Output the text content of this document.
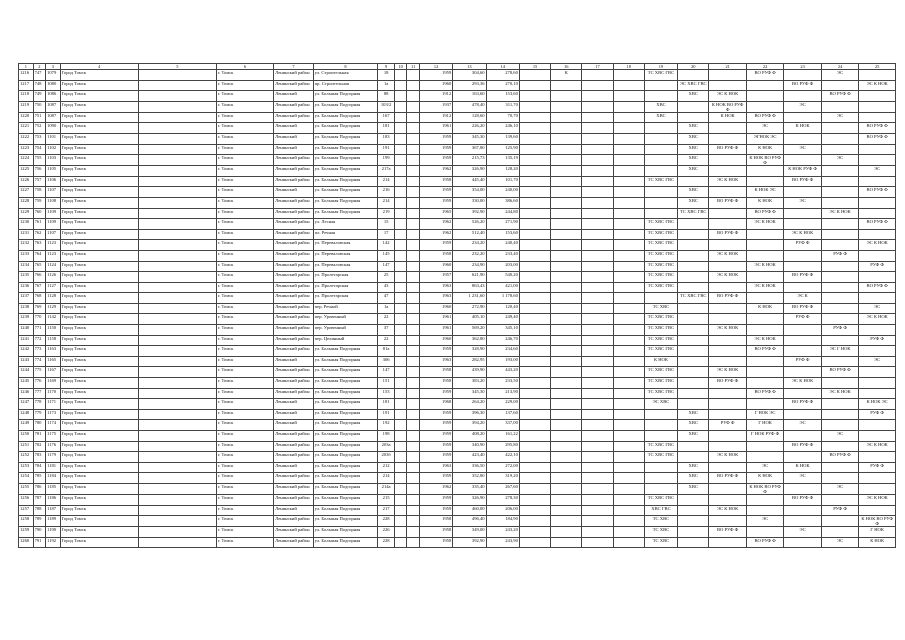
1	2	3	4	5	6	7	8	9	10	11	12	13	14	15	16	17	18	19	20	21	22	23	24	25
1216	747	1079	Город Томск		г. Томск	Ленинский район	ул. Строительная	18			1959	304,60	278,60		К			ТС ХВС ГВС			ВО РУФ Ф		ЭС	
1217	748	1080	Город Томск		г. Томск	Ленинский район	пр. Строительная	1а			1960	293,36	270,10						ЭС ХВС ГВС			ВО РУФ Ф		ЭС К НОК
1218	749	1086	Город Томск		г. Томск	Ленинский	ул. Большая Подгорная	88			1912	163,60	153,60						ХВС	ЭС К НОК			ВО РУФ Ф	
1219	750	1087	Город Томск		г. Томск	Ленинский район	ул. Большая Подгорная	103/2			1937	478,40	311,70					ХВС		К НОК ВО РУФ Ф		ЭС		
1220	751	1087	Город Томск		г. Томск	Ленинский район	ул. Большая Подгорная	167			1912	128,60	70,70					ХВС		К НОК	ВО РУФ Ф		ЭС	
1221	752	1090	Город Томск		г. Томск	Ленинский	ул. Большая Подгорная	181			1961	226,20	246,10						ХВС		ЭС	К НОК		ВО РУФ Ф
1222	753	1101	Город Томск		г. Томск	Ленинский	ул. Большая Подгорная	183			1959	345,30	139,60						ХВС		ЭГНОК ЭС			ВО РУФ Ф
1223	754	1102	Город Томск		г. Томск	Ленинский	ул. Большая Подгорная	191			1959	367,80	125,90						ХВС	ВО РУФ Ф	К НОК	ЭС		
1224	755	1103	Город Томск		г. Томск	Ленинский район	ул. Большая Подгорная	199			1959	215,73	135,19						ХВС		К НОК ВО РУФ Ф		ЭС	
1225	756	1105	Город Томск		г. Томск	Ленинский район	ул. Большая Подгорная	217а			1962	326,90	128,20						ХВС			К НОК РУФ Ф		ЭС
1226	757	1106	Город Томск		г. Томск	Ленинский район	ул. Большая Подгорная	214			1958	445,40	101,70					ТС ХВС ГВС		ЭС К НОК		ВО РУФ Ф		
1227	758	1107	Город Томск		г. Томск	Ленинский	ул. Большая Подгорная	216			1959	354,00	240,00						ХВС		К НОК ЭС			ВО РУФ Ф
1228	759	1108	Город Томск		г. Томск	Ленинский район	ул. Большая Подгорная	214			1959	330,00	386,60						ХВС	ВО РУФ Ф	К НОК	ЭС		
1229	760	1109	Город Томск		г. Томск	Ленинский район	ул. Большая Подгорная	219			1965	392,90	244,80						ТС ХВС ГВС		ВО РУФ Ф		ЭС К НОК	
1230	761	1109	Город Томск		г. Томск	Ленинский район	ул. Лесная	15			1962	526,20	271,90					ТС ХВС ГВС			ЭС К НОК			ВО РУФ Ф
1231	762	1107	Город Томск		г. Томск	Ленинский район	пл. Речная	17			1962	512,40	153,60					ТС ХВС ГВС		ВО РУФ Ф		ЭС К НОК		
1232	763	1123	Город Томск		г. Томск	Ленинский район	ул. Переваловская	142			1959	234,20	240,40					ТС ХВС ГВС				РУФ Ф		ЭС К НОК
1233	764	1123	Город Томск		г. Томск	Ленинский район	ул. Переваловская	145			1958	232,20	233,40					ТС ХВС ГВС		ЭС К НОК			РУФ Ф	
1234	765	1124	Город Томск		г. Томск	Ленинский район	ул. Переваловская	147			1960	234,90	203,00					ТС ХВС ГВС			ЭС К НОК			РУФ Ф
1235	766	1126	Город Томск		г. Томск	Ленинский район	ул. Пролетарская	25			1957	621,90	540,20					ТС ХВС ГВС		ЭС К НОК		ВО РУФ Ф		
1236	767	1127	Город Томск		г. Томск	Ленинский район	ул. Пролетарская	43			1963	863,43	421,00					ТС ХВС ГВС			ЭС К НОК			ВО РУФ Ф
1237	768	1128	Город Томск		г. Томск	Ленинский район	ул. Пролетарская	47			1963	1 231,60	1 178,60						ТС ХВС ГВС	ВО РУФ Ф		ЭС К		
1238	769	1129	Город Томск		г. Томск	Ленинский район	пер. Речной	1а			1960	272,90	120,40					ТС ХВС			К НОК	ВО РУФ Ф		ЭС
1239	770	1142	Город Томск		г. Томск	Ленинский район	пер. Уровенный	22			1961	405,10	249,40					ТС ХВС ГВС				РУФ Ф		ЭС К НОК
1240	771	1150	Город Томск		г. Томск	Ленинский район	пер. Уровенный	37			1961	569,20	345,10					ТС ХВС ГВС		ЭС К НОК			РУФ Ф	
1241	772	1158	Город Томск		г. Томск	Ленинский район	пер. Целинный	22			1960	362,80	246,70					ТС ХВС ГВС			ЭС К НОК			РУФ Ф
1242	773	1163	Город Томск		г. Томск	Ленинский район	ул. Большая Подгорная	81а			1959	328,90	234,60					ТС ХВС ГВС			ВО РУФ Ф		ЭС Г НОК	
1243	774	1165	Город Томск		г. Томск	Ленинский	ул. Большая Подгорная	306			1963	282,95	193,00					К НОК				РУФ Ф		ЭС
1244	775	1167	Город Томск		г. Томск	Ленинский район	ул. Большая Подгорная	147			1958	439,90	443,20					ТС ХВС ГВС		ЭС К НОК			ВО РУФ Ф	
1245	776	1169	Город Томск		г. Томск	Ленинский район	ул. Большая Подгорная	151			1958	383,20	233,50					ТС ХВС ГВС		ВО РУФ Ф		ЭС К НОК		
1246	777	1170	Город Томск		г. Томск	Ленинский район	ул. Большая Подгорная	153			1959	345,30	213,90					ТС ХВС ГВС			ВО РУФ Ф		ЭС К НОК	
1247	778	1171	Город Томск		г. Томск	Ленинский	ул. Большая Подгорная	181			1968	264,20	229,00					ЭС ХВС				ВО РУФ Ф		К НОК ЭС
1248	779	1173	Город Томск		г. Томск	Ленинский	ул. Большая Подгорная	191			1959	396,30	137,60						ХВС		Г НОК ЭС			РУФ Ф
1249	780	1174	Город Томск		г. Томск	Ленинский	ул. Большая Подгорная	192			1959	394,20	337,00						ХВС	РУФ Ф	Г НОК	ЭС		
1250	781	1175	Город Томск		г. Томск	Ленинский район	ул. Большая Подгорная	198			1959	408,20	161,22						ХВС		Г НОК РУФ Ф		ЭС	
1251	782	1176	Город Томск		г. Томск	Ленинский район	ул. Большая Подгорная	203а			1959	340,90	295,80					ТС ХВС ГВС				ВО РУФ Ф		ЭС К НОК
1252	783	1179	Город Томск		г. Томск	Ленинский район	ул. Большая Подгорная	203б			1959	423,40	422,10					ТС ХВС ГВС		ЭС К НОК			ВО РУФ Ф	
1253	784	1181	Город Томск		г. Томск	Ленинский	ул. Большая Подгорная	212			1963	336,50	272,00						ХВС		ЭС	К НОК		РУФ Ф
1254	785	1184	Город Томск		г. Томск	Ленинский район	ул. Большая Подгорная	214			1959	352,80	319,20						ХВС	ВО РУФ Ф	К НОК	ЭС		
1255	786	1185	Город Томск		г. Томск	Ленинский район	ул. Большая Подгорная	214а			1962	335,40	267,60						ХВС		К НОК ВО РУФ Ф		ЭС	
1256	787	1186	Город Томск		г. Томск	Ленинский район	ул. Большая Подгорная	215			1959	326,90	278,30					ТС ХВС ГВС				ВО РУФ Ф		ЭС К НОК
1257	788	1187	Город Томск		г. Томск	Ленинский	ул. Большая Подгорная	217			1959	460,00	206,00					ХВС ГВС		ЭС К НОК			РУФ Ф	
1258	789	1189	Город Томск		г. Томск	Ленинский район	ул. Большая Подгорная	228			1958	496,40	184,90					ТС ХВС			ЭС			К НОК ВО РУФ Ф
1259	790	1190	Город Томск		г. Томск	Ленинский район	ул. Большая Подгорная	226			1958	349,00	243,20					ТС ХВС		ВО РУФ Ф		ЭС		Г НОК
1260	791	1192	Город Томск		г. Томск	Ленинский район	ул. Большая Подгорная	228			1958	392,90	243,90					ТС ХВС			ВО РУФ Ф		ЭС	К НОК
